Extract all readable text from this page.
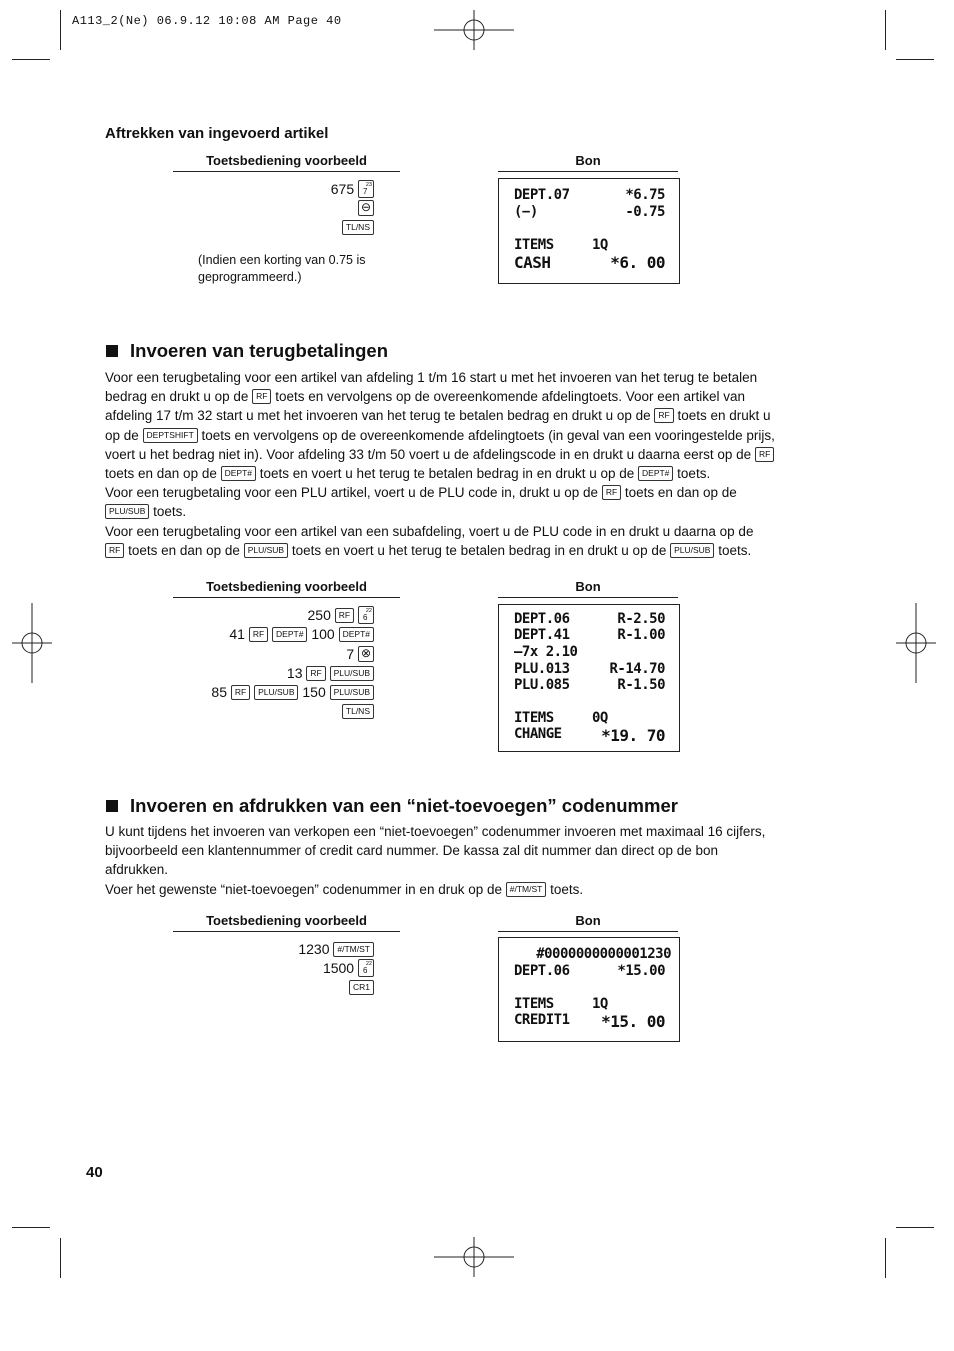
A113_2(Ne) 06.9.12 10:08 AM Page 40
Aftrekken van ingevoerd artikel
Toetsbediening voorbeeld	Bon
675 7
23
⊖
TL/NS
(Indien een korting van 0.75 is geprogrammeerd.)
DEPT.07	*6.75
(−)	-0.75
ITEMS	1Q
CASH	*6. 00
Invoeren van terugbetalingen
Voor een terugbetaling voor een artikel van afdeling 1 t/m 16 start u met het invoeren van het terug te betalen
bedrag en drukt u op de RF toets en vervolgens op de overeenkomende afdelingtoets. Voor een artikel van
afdeling 17 t/m 32 start u met het invoeren van het terug te betalen bedrag en drukt u op de RF toets en drukt u
op de DEPTSHIFT toets en vervolgens op de overeenkomende afdelingtoets (in geval van een vooringestelde prijs,
voert u het bedrag niet in). Voor afdeling 33 t/m 50 voert u de afdelingscode in en drukt u daarna eerst op de RF
toets en dan op de DEPT# toets en voert u het terug te betalen bedrag in en drukt u op de DEPT# toets.
Voor een terugbetaling voor een PLU artikel, voert u de PLU code in, drukt u op de RF toets en dan op de
PLU/SUB toets.
Voor een terugbetaling voor een artikel van een subafdeling, voert u de PLU code in en drukt u daarna op de
RF toets en dan op de PLU/SUB toets en voert u het terug te betalen bedrag in en drukt u op de PLU/SUB toets.
Toetsbediening voorbeeld	Bon
250 RF 6
22
41 RF DEPT# 100 DEPT#
7 ⊗
13 RF PLU/SUB
85 RF PLU/SUB 150 PLU/SUB
TL/NS
DEPT.06	R-2.50
DEPT.41	R-1.00
—7x 2.10
PLU.013	R-14.70
PLU.085	R-1.50
ITEMS	0Q
CHANGE *19. 70
Invoeren en afdrukken van een “niet-toevoegen” codenummer
U kunt tijdens het invoeren van verkopen een “niet-toevoegen” codenummer invoeren met maximaal 16 cijfers,
bijvoorbeeld een klantennummer of credit card nummer. De kassa zal dit nummer dan direct op de bon
afdrukken.
Voer het gewenste “niet-toevoegen” codenummer in en druk op de #/TM/ST toets.
Toetsbediening voorbeeld	Bon
1230 #/TM/ST
1500 6
22
CR1
#0000000000001230
DEPT.06	*15.00
ITEMS	1Q
CREDIT1 *15. 00
40
